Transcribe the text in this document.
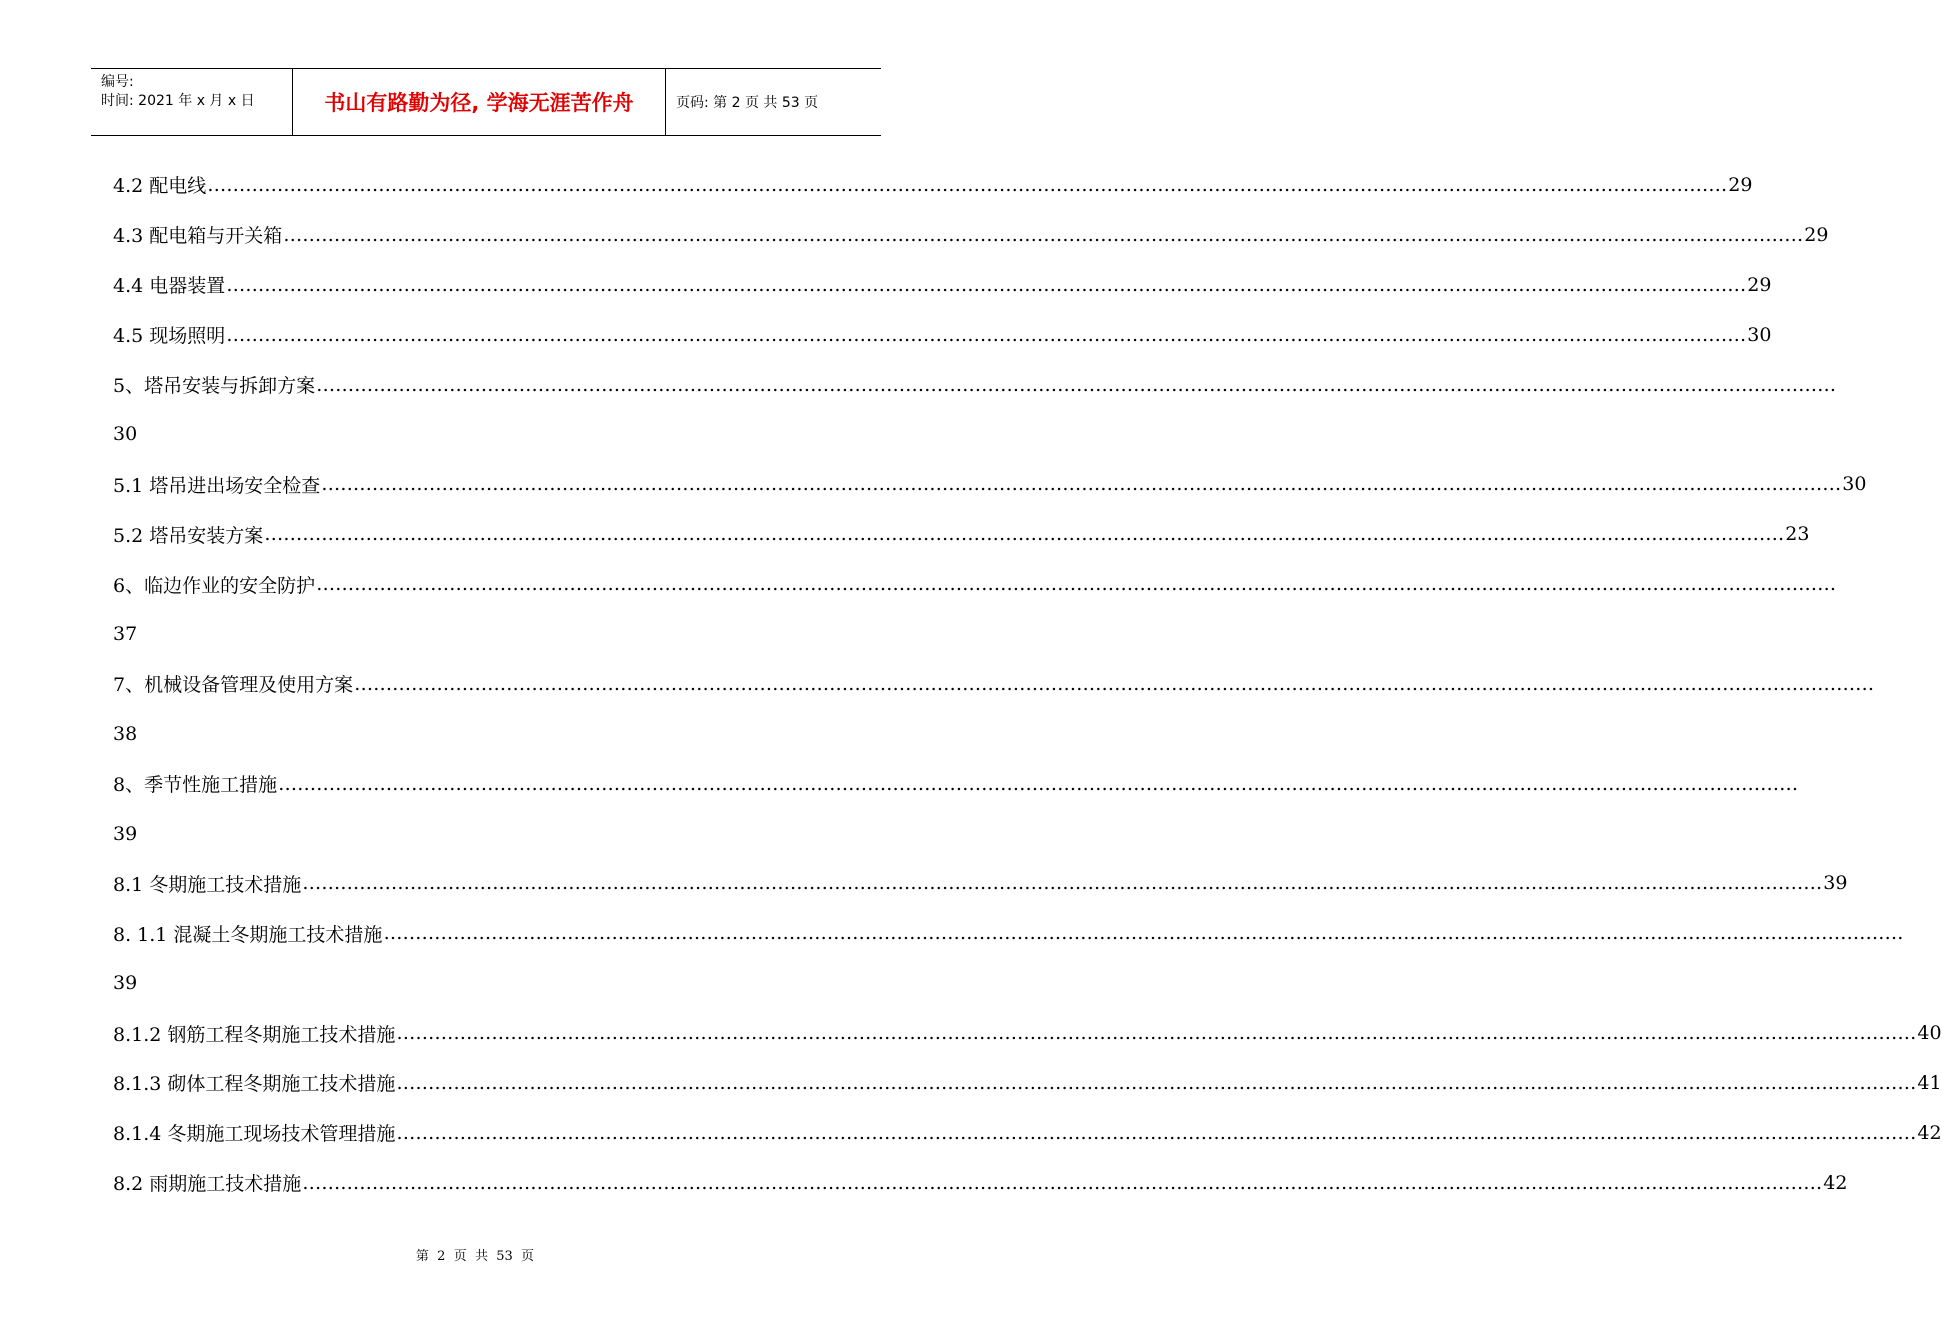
编号:
时间: 2021 年 x 月 x 日	书山有路勤为径, 学海无涯苦作舟	页码: 第 2 页 共 53 页
4.2 配电线 …………………………………………………………………………………………………………………………………………………………………………………………………………………… 29
4.3 配电箱与开关箱 …………………………………………………………………………………………………………………………………………………………………………………………………………………… 29
4.4 电器装置 …………………………………………………………………………………………………………………………………………………………………………………………………………………… 29
4.5 现场照明 …………………………………………………………………………………………………………………………………………………………………………………………………………………… 30
5、塔吊安装与拆卸方案 ……………………………………………………………………………………………………………………………………………………………………………………………………………………
30
5.1 塔吊进出场安全检查 …………………………………………………………………………………………………………………………………………………………………………………………………………………… 30
5.2 塔吊安装方案 …………………………………………………………………………………………………………………………………………………………………………………………………………………… 23
6、临边作业的安全防护 ……………………………………………………………………………………………………………………………………………………………………………………………………………………
37
7、机械设备管理及使用方案 ……………………………………………………………………………………………………………………………………………………………………………………………………………………
38
8、季节性施工措施 ……………………………………………………………………………………………………………………………………………………………………………………………………………………
39
8.1 冬期施工技术措施 …………………………………………………………………………………………………………………………………………………………………………………………………………………… 39
8. 1.1 混凝土冬期施工技术措施 ……………………………………………………………………………………………………………………………………………………………………………………………………………………
39
8.1.2 钢筋工程冬期施工技术措施 …………………………………………………………………………………………………………………………………………………………………………………………………………………… 40
8.1.3 砌体工程冬期施工技术措施 …………………………………………………………………………………………………………………………………………………………………………………………………………………… 41
8.1.4 冬期施工现场技术管理措施 …………………………………………………………………………………………………………………………………………………………………………………………………………………… 42
8.2 雨期施工技术措施 …………………………………………………………………………………………………………………………………………………………………………………………………………………… 42
第  2  页  共  53  页
